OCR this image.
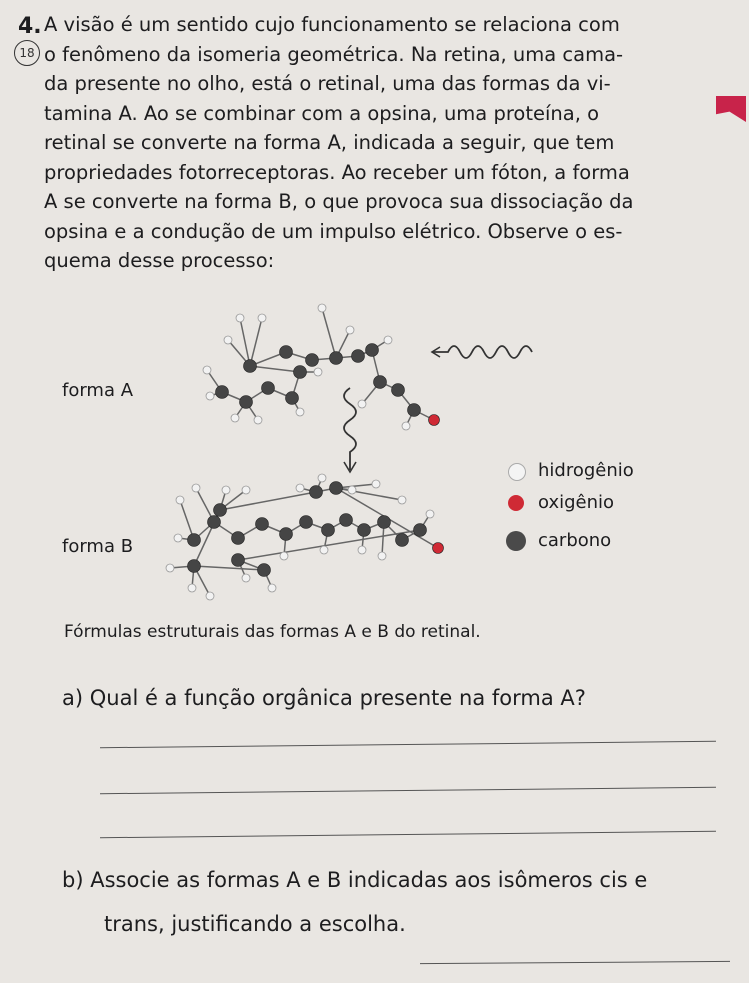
4.
18

A visão é um sentido cujo funcionamento se relaciona com

o fenômeno da isomeria geométrica. Na retina, uma cama-

da presente no olho, está o retinal, uma das formas da vi-

tamina A. Ao se combinar com a opsina, uma proteína, o

retinal se converte na forma A, indicada a seguir, que tem

propriedades fotorreceptoras. Ao receber um fóton, a forma

A se converte na forma B, o que provoca sua dissociação da

opsina e a condução de um impulso elétrico. Observe o es-

quema desse processo:

forma A
forma B
hidrogênio
oxigênio
carbono
Fórmulas estruturais das formas A e B do retinal.
a) Qual é a função orgânica presente na forma A?
b) Associe as formas A e B indicadas aos isômeros cis e
trans, justificando a escolha.
